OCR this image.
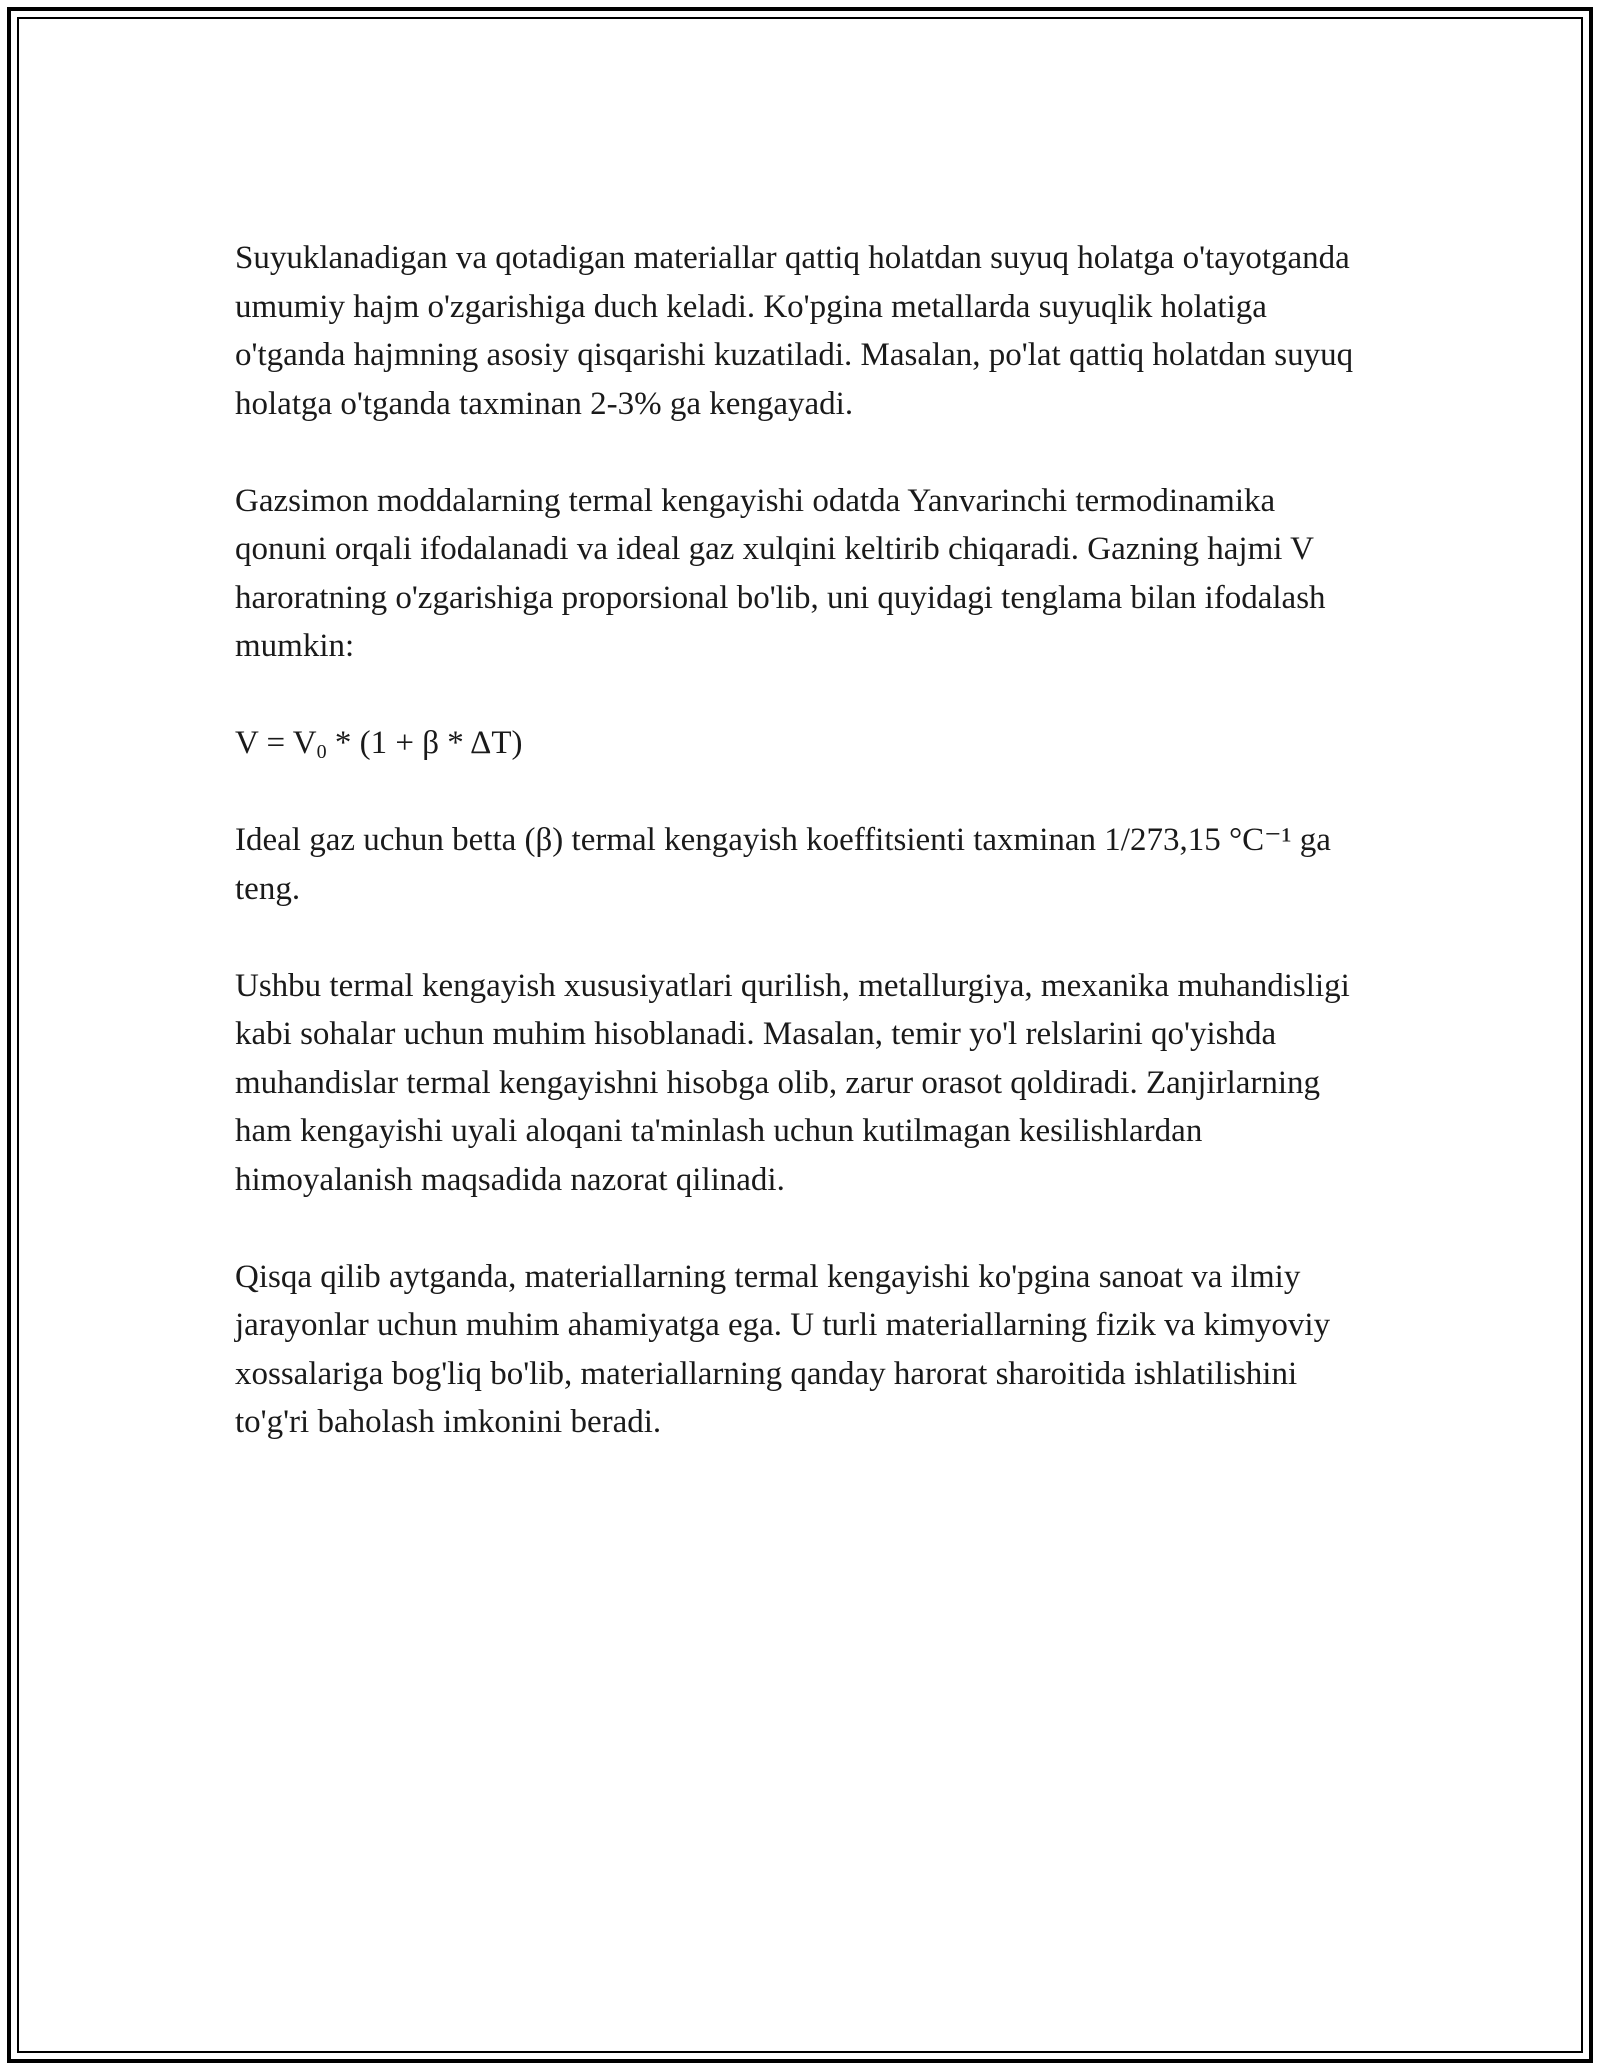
Suyuklanadigan va qotadigan materiallar qattiq holatdan suyuq holatga o'tayotganda umumiy hajm o'zgarishiga duch keladi. Ko'pgina metallarda suyuqlik holatiga o'tganda hajmning asosiy qisqarishi kuzatiladi. Masalan, po'lat qattiq holatdan suyuq holatga o'tganda taxminan 2-3% ga kengayadi.

Gazsimon moddalarning termal kengayishi odatda Yanvarinchi termodinamika qonuni orqali ifodalanadi va ideal gaz xulqini keltirib chiqaradi. Gazning hajmi V haroratning o'zgarishiga proporsional bo'lib, uni quyidagi tenglama bilan ifodalash mumkin:

$V = V_0 * (1 + \beta * \Delta T)$

Ideal gaz uchun betta (β) termal kengayish koeffitsienti taxminan 1/273,15 °C⁻¹ ga teng.

Ushbu termal kengayish xususiyatlari qurilish, metallurgiya, mexanika muhandisligi kabi sohalar uchun muhim hisoblanadi. Masalan, temir yo'l relslarini qo'yishda muhandislar termal kengayishni hisobga olib, zarur orasot qoldiradi. Zanjirlarning ham kengayishi uyali aloqani ta'minlash uchun kutilmagan kesilishlardan himoyalanish maqsadida nazorat qilinadi.

Qisqa qilib aytganda, materiallarning termal kengayishi ko'pgina sanoat va ilmiy jarayonlar uchun muhim ahamiyatga ega. U turli materiallarning fizik va kimyoviy xossalariga bog'liq bo'lib, materiallarning qanday harorat sharoitida ishlatilishini to'g'ri baholash imkonini beradi.
